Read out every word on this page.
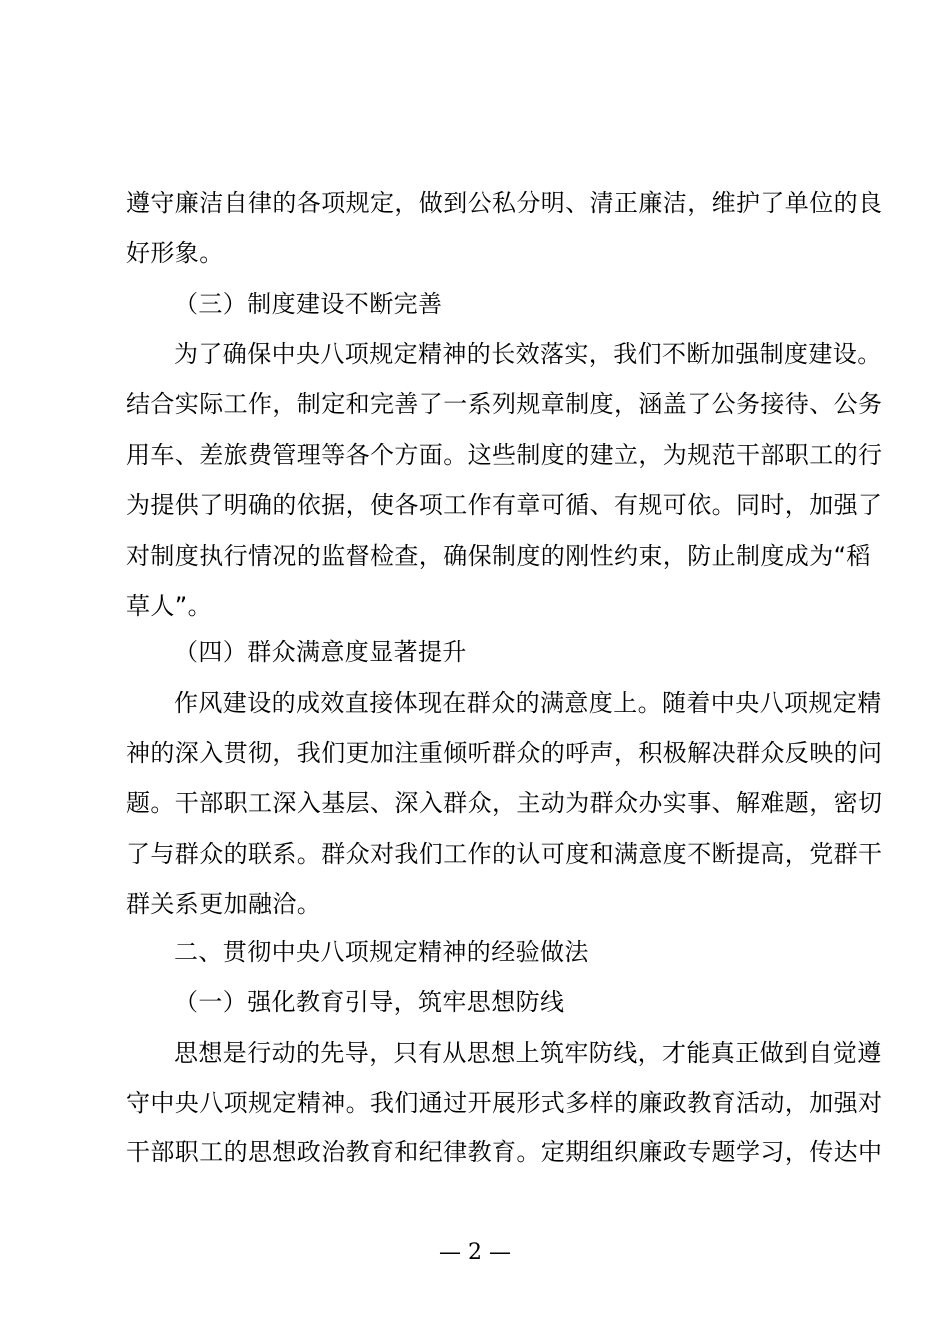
遵守廉洁自律的各项规定，做到公私分明、清正廉洁，维护了单位的良
好形象。
（三）制度建设不断完善
为了确保中央八项规定精神的长效落实，我们不断加强制度建设。
结合实际工作，制定和完善了一系列规章制度，涵盖了公务接待、公务
用车、差旅费管理等各个方面。这些制度的建立，为规范干部职工的行
为提供了明确的依据，使各项工作有章可循、有规可依。同时，加强了
对制度执行情况的监督检查，确保制度的刚性约束，防止制度成为“稻
草人”。
（四）群众满意度显著提升
作风建设的成效直接体现在群众的满意度上。随着中央八项规定精
神的深入贯彻，我们更加注重倾听群众的呼声，积极解决群众反映的问
题。干部职工深入基层、深入群众，主动为群众办实事、解难题，密切
了与群众的联系。群众对我们工作的认可度和满意度不断提高，党群干
群关系更加融洽。
二、贯彻中央八项规定精神的经验做法
（一）强化教育引导，筑牢思想防线
思想是行动的先导，只有从思想上筑牢防线，才能真正做到自觉遵
守中央八项规定精神。我们通过开展形式多样的廉政教育活动，加强对
干部职工的思想政治教育和纪律教育。定期组织廉政专题学习，传达中
— 2 —
